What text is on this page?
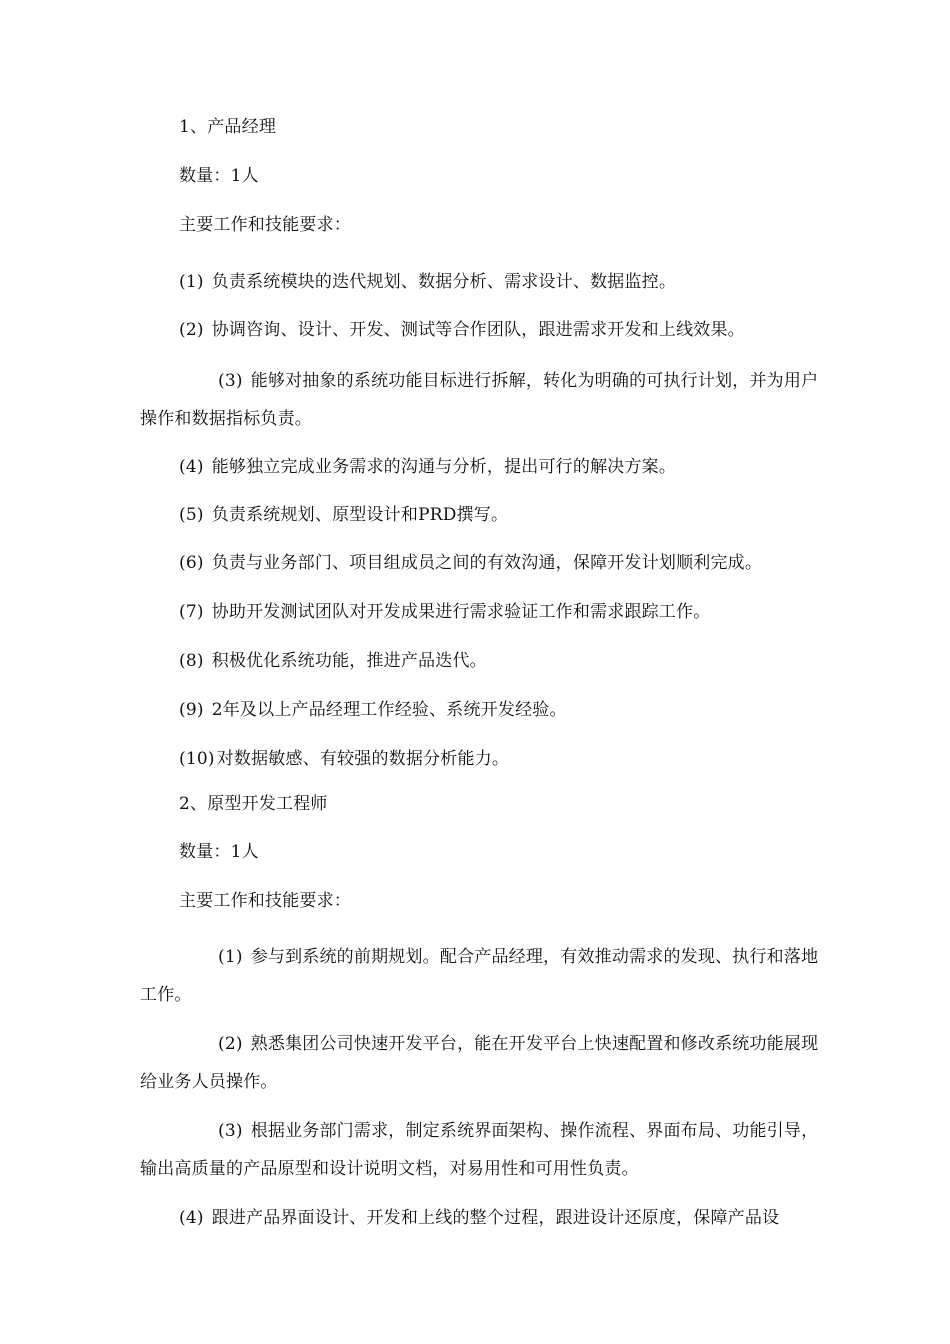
1、产品经理
数量：1人
主要工作和技能要求：
(1) 负责系统模块的迭代规划、数据分析、需求设计、数据监控。
(2) 协调咨询、设计、开发、测试等合作团队，跟进需求开发和上线效果。
(3) 能够对抽象的系统功能目标进行拆解，转化为明确的可执行计划，并为用户操作和数据指标负责。
(4) 能够独立完成业务需求的沟通与分析，提出可行的解决方案。
(5) 负责系统规划、原型设计和PRD撰写。
(6) 负责与业务部门、项目组成员之间的有效沟通，保障开发计划顺利完成。
(7) 协助开发测试团队对开发成果进行需求验证工作和需求跟踪工作。
(8) 积极优化系统功能，推进产品迭代。
(9) 2年及以上产品经理工作经验、系统开发经验。
(10) 对数据敏感、有较强的数据分析能力。
2、原型开发工程师
数量：1人
主要工作和技能要求：
(1) 参与到系统的前期规划。配合产品经理，有效推动需求的发现、执行和落地工作。
(2) 熟悉集团公司快速开发平台，能在开发平台上快速配置和修改系统功能展现给业务人员操作。
(3) 根据业务部门需求，制定系统界面架构、操作流程、界面布局、功能引导，输出高质量的产品原型和设计说明文档，对易用性和可用性负责。
(4) 跟进产品界面设计、开发和上线的整个过程，跟进设计还原度，保障产品设
